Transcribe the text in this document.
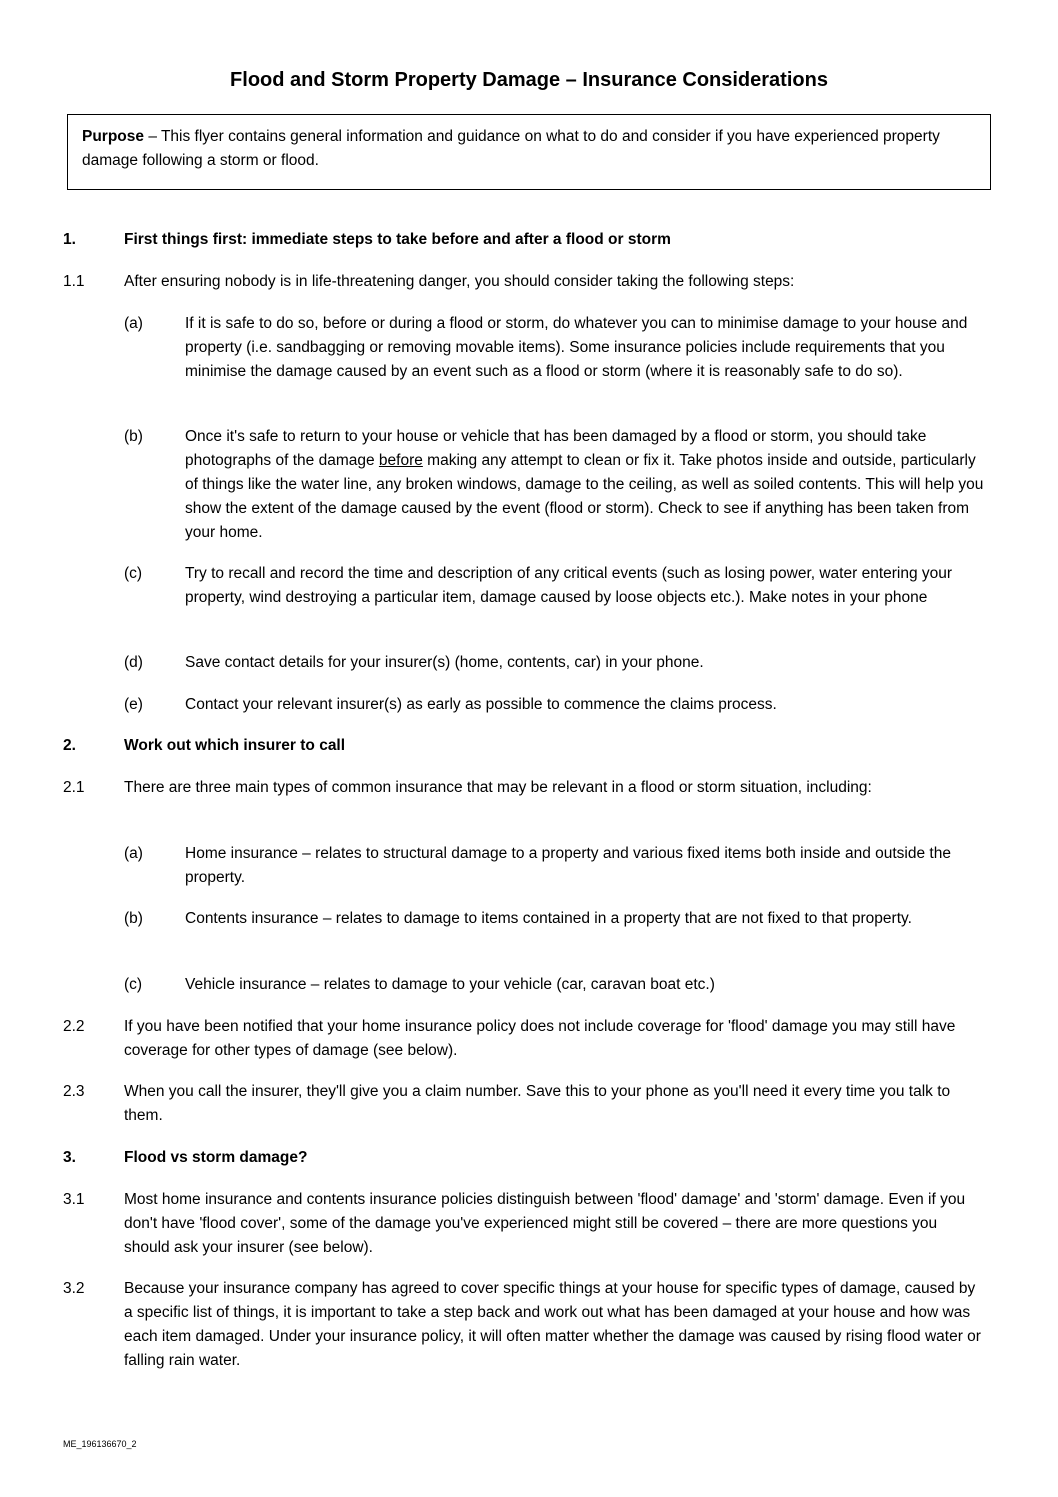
Flood and Storm Property Damage – Insurance Considerations
Purpose – This flyer contains general information and guidance on what to do and consider if you have experienced property damage following a storm or flood.
1.	First things first: immediate steps to take before and after a flood or storm
1.1	After ensuring nobody is in life-threatening danger, you should consider taking the following steps:
(a)	If it is safe to do so, before or during a flood or storm, do whatever you can to minimise damage to your house and property (i.e. sandbagging or removing movable items). Some insurance policies include requirements that you minimise the damage caused by an event such as a flood or storm (where it is reasonably safe to do so).
(b)	Once it's safe to return to your house or vehicle that has been damaged by a flood or storm, you should take photographs of the damage before making any attempt to clean or fix it. Take photos inside and outside, particularly of things like the water line, any broken windows, damage to the ceiling, as well as soiled contents. This will help you show the extent of the damage caused by the event (flood or storm). Check to see if anything has been taken from your home.
(c)	Try to recall and record the time and description of any critical events (such as losing power, water entering your property, wind destroying a particular item, damage caused by loose objects etc.). Make notes in your phone
(d)	Save contact details for your insurer(s) (home, contents, car) in your phone.
(e)	Contact your relevant insurer(s) as early as possible to commence the claims process.
2.	Work out which insurer to call
2.1	There are three main types of common insurance that may be relevant in a flood or storm situation, including:
(a)	Home insurance – relates to structural damage to a property and various fixed items both inside and outside the property.
(b)	Contents insurance – relates to damage to items contained in a property that are not fixed to that property.
(c)	Vehicle insurance – relates to damage to your vehicle (car, caravan boat etc.)
2.2	If you have been notified that your home insurance policy does not include coverage for 'flood' damage you may still have coverage for other types of damage (see below).
2.3	When you call the insurer, they'll give you a claim number. Save this to your phone as you'll need it every time you talk to them.
3.	Flood vs storm damage?
3.1	Most home insurance and contents insurance policies distinguish between 'flood' damage' and 'storm' damage. Even if you don't have 'flood cover', some of the damage you've experienced might still be covered – there are more questions you should ask your insurer (see below).
3.2	Because your insurance company has agreed to cover specific things at your house for specific types of damage, caused by a specific list of things, it is important to take a step back and work out what has been damaged at your house and how was each item damaged. Under your insurance policy, it will often matter whether the damage was caused by rising flood water or falling rain water.
ME_196136670_2
